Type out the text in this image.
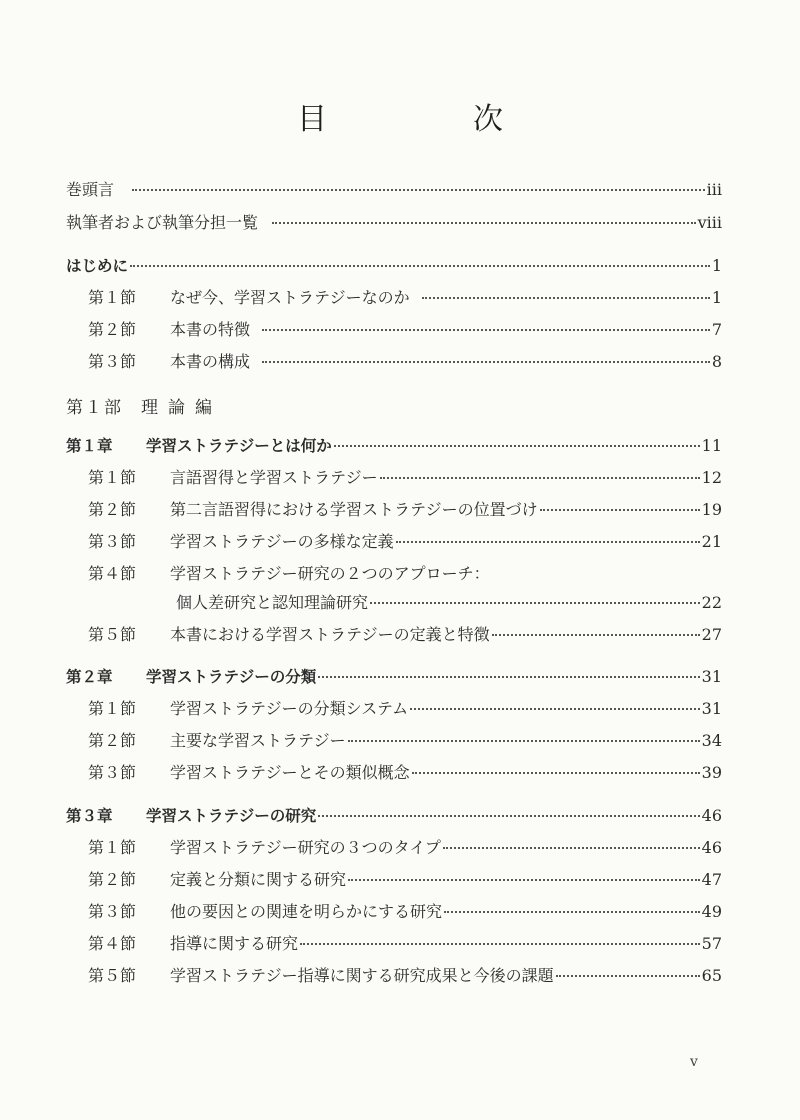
目　次
巻頭言	iii
執筆者および執筆分担一覧	viii
はじめに	1
第１節 なぜ今、学習ストラテジーなのか	1
第２節 本書の特徴	7
第３節 本書の構成	8
第１部 理論編
第１章 学習ストラテジーとは何か	11
第１節 言語習得と学習ストラテジー	12
第２節 第二言語習得における学習ストラテジーの位置づけ	19
第３節 学習ストラテジーの多様な定義	21
第４節 学習ストラテジー研究の２つのアプローチ：
個人差研究と認知理論研究	22
第５節 本書における学習ストラテジーの定義と特徴	27
第２章 学習ストラテジーの分類	31
第１節 学習ストラテジーの分類システム	31
第２節 主要な学習ストラテジー	34
第３節 学習ストラテジーとその類似概念	39
第３章 学習ストラテジーの研究	46
第１節 学習ストラテジー研究の３つのタイプ	46
第２節 定義と分類に関する研究	47
第３節 他の要因との関連を明らかにする研究	49
第４節 指導に関する研究	57
第５節 学習ストラテジー指導に関する研究成果と今後の課題	65
v
